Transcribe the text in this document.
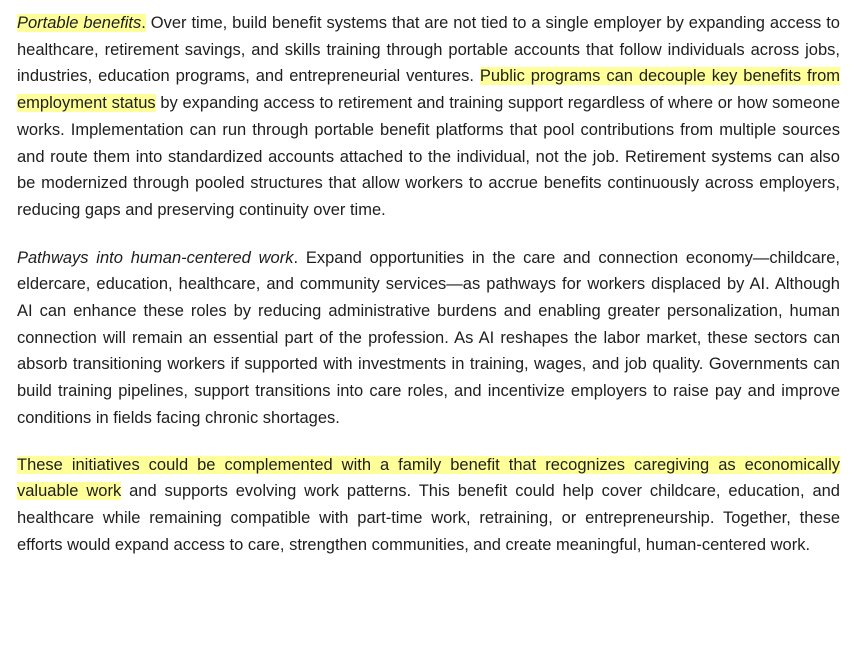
Portable benefits. Over time, build benefit systems that are not tied to a single employer by expanding access to healthcare, retirement savings, and skills training through portable accounts that follow individuals across jobs, industries, education programs, and entrepreneurial ventures. Public programs can decouple key benefits from employment status by expanding access to retirement and training support regardless of where or how someone works. Implementation can run through portable benefit platforms that pool contributions from multiple sources and route them into standardized accounts attached to the individual, not the job. Retirement systems can also be modernized through pooled structures that allow workers to accrue benefits continuously across employers, reducing gaps and preserving continuity over time.

Pathways into human-centered work. Expand opportunities in the care and connection economy—childcare, eldercare, education, healthcare, and community services—as pathways for workers displaced by AI. Although AI can enhance these roles by reducing administrative burdens and enabling greater personalization, human connection will remain an essential part of the profession. As AI reshapes the labor market, these sectors can absorb transitioning workers if supported with investments in training, wages, and job quality. Governments can build training pipelines, support transitions into care roles, and incentivize employers to raise pay and improve conditions in fields facing chronic shortages.

These initiatives could be complemented with a family benefit that recognizes caregiving as economically valuable work and supports evolving work patterns. This benefit could help cover childcare, education, and healthcare while remaining compatible with part-time work, retraining, or entrepreneurship. Together, these efforts would expand access to care, strengthen communities, and create meaningful, human-centered work.
